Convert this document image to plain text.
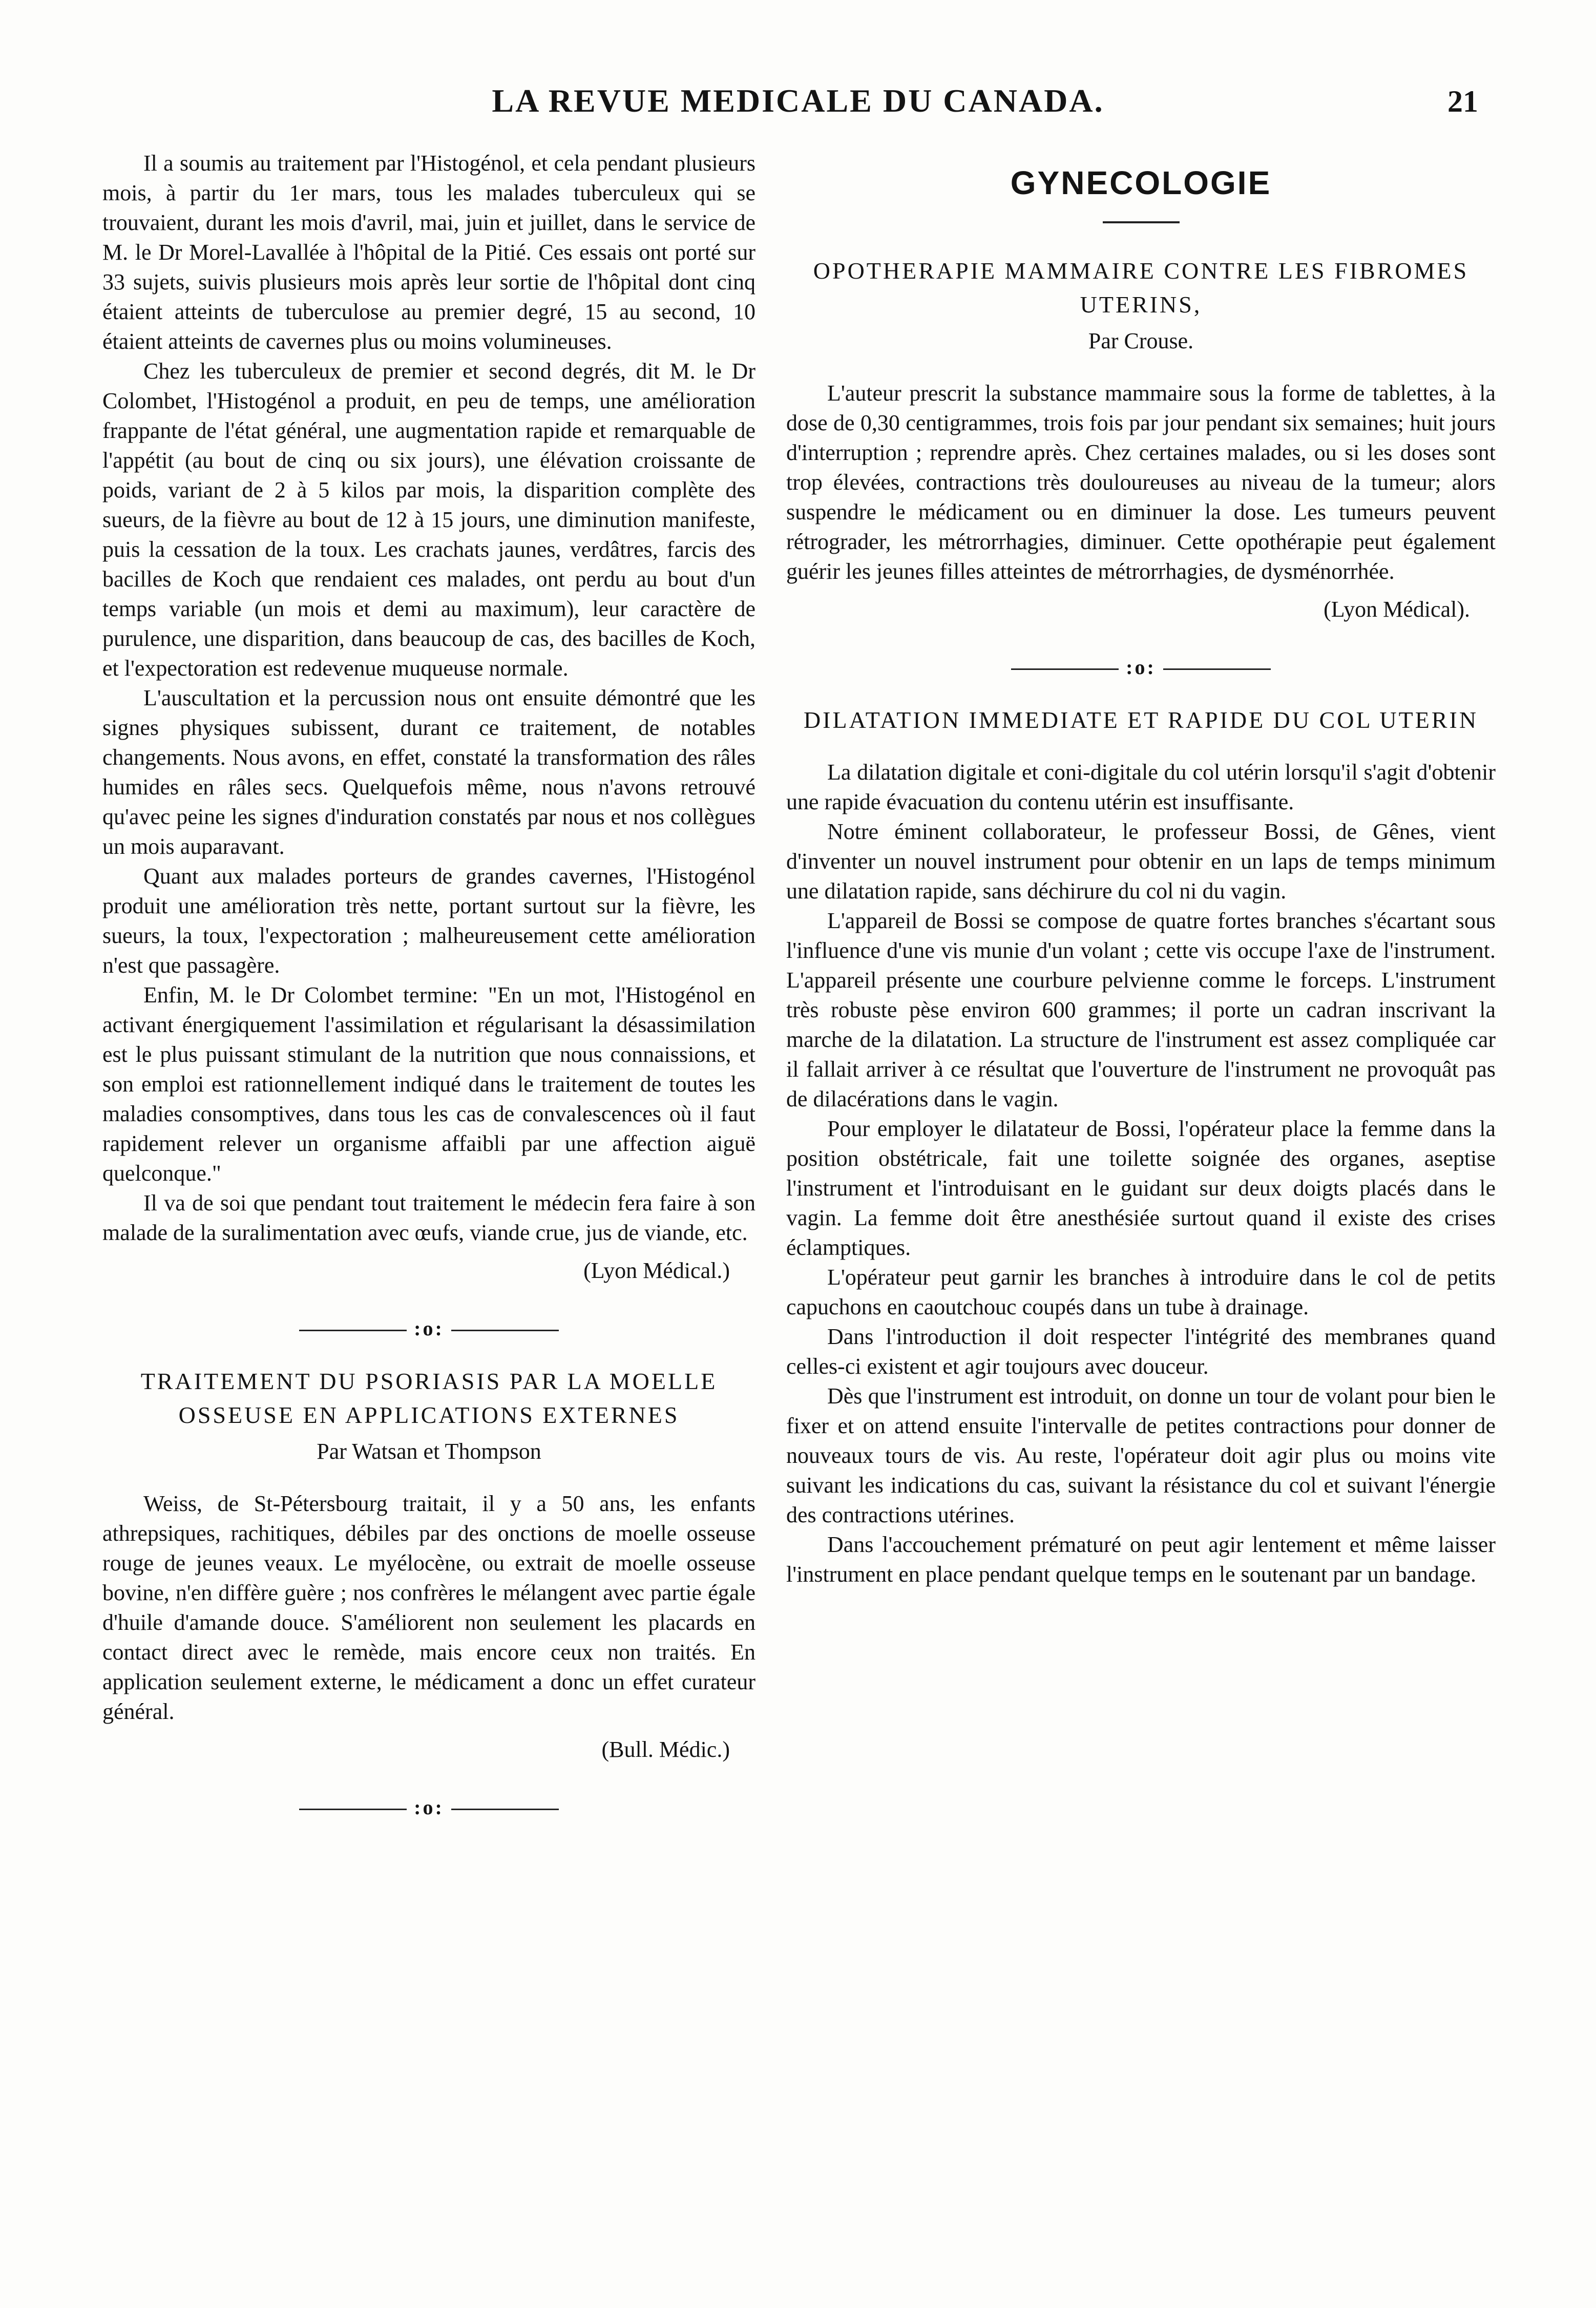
LA REVUE MEDICALE DU CANADA.	21

Il a soumis au traitement par l'Histogénol, et cela pendant plusieurs mois, à partir du 1er mars, tous les malades tuberculeux qui se trouvaient, durant les mois d'avril, mai, juin et juillet, dans le service de M. le Dr Morel-Lavallée à l'hôpital de la Pitié. Ces essais ont porté sur 33 sujets, suivis plusieurs mois après leur sortie de l'hôpital dont cinq étaient atteints de tuberculose au premier degré, 15 au second, 10 étaient atteints de cavernes plus ou moins volumineuses.

Chez les tuberculeux de premier et second degrés, dit M. le Dr Colombet, l'Histogénol a produit, en peu de temps, une amélioration frappante de l'état général, une augmentation rapide et remarquable de l'appétit (au bout de cinq ou six jours), une élévation croissante de poids, variant de 2 à 5 kilos par mois, la disparition complète des sueurs, de la fièvre au bout de 12 à 15 jours, une diminution manifeste, puis la cessation de la toux. Les crachats jaunes, verdâtres, farcis des bacilles de Koch que rendaient ces malades, ont perdu au bout d'un temps variable (un mois et demi au maximum), leur caractère de purulence, une disparition, dans beaucoup de cas, des bacilles de Koch, et l'expectoration est redevenue muqueuse normale.

L'auscultation et la percussion nous ont ensuite démontré que les signes physiques subissent, durant ce traitement, de notables changements. Nous avons, en effet, constaté la transformation des râles humides en râles secs. Quelquefois même, nous n'avons retrouvé qu'avec peine les signes d'induration constatés par nous et nos collègues un mois auparavant.

Quant aux malades porteurs de grandes cavernes, l'Histogénol produit une amélioration très nette, portant surtout sur la fièvre, les sueurs, la toux, l'expectoration ; malheureusement cette amélioration n'est que passagère.

Enfin, M. le Dr Colombet termine: "En un mot, l'Histogénol en activant énergiquement l'assimilation et régularisant la désassimilation est le plus puissant stimulant de la nutrition que nous connaissions, et son emploi est rationnellement indiqué dans le traitement de toutes les maladies consomptives, dans tous les cas de convalescences où il faut rapidement relever un organisme affaibli par une affection aiguë quelconque."

Il va de soi que pendant tout traitement le médecin fera faire à son malade de la suralimentation avec œufs, viande crue, jus de viande, etc.

(Lyon Médical.)

:o:
TRAITEMENT DU PSORIASIS PAR LA MOELLE OSSEUSE EN APPLICATIONS EXTERNES
Par Watsan et Thompson

Weiss, de St-Pétersbourg traitait, il y a 50 ans, les enfants athrepsiques, rachitiques, débiles par des onctions de moelle osseuse rouge de jeunes veaux. Le myélocène, ou extrait de moelle osseuse bovine, n'en diffère guère ; nos confrères le mélangent avec partie égale d'huile d'amande douce. S'améliorent non seulement les placards en contact direct avec le remède, mais encore ceux non traités. En application seulement externe, le médicament a donc un effet curateur général.

(Bull. Médic.)

:o:
GYNECOLOGIE
OPOTHERAPIE MAMMAIRE CONTRE LES FIBROMES UTERINS,
Par Crouse.

L'auteur prescrit la substance mammaire sous la forme de tablettes, à la dose de 0,30 centigrammes, trois fois par jour pendant six semaines; huit jours d'interruption ; reprendre après. Chez certaines malades, ou si les doses sont trop élevées, contractions très douloureuses au niveau de la tumeur; alors suspendre le médicament ou en diminuer la dose. Les tumeurs peuvent rétrograder, les métrorrhagies, diminuer. Cette opothérapie peut également guérir les jeunes filles atteintes de métrorrhagies, de dysménorrhée.

(Lyon Médical).

:o:
DILATATION IMMEDIATE ET RAPIDE DU COL UTERIN

La dilatation digitale et coni-digitale du col utérin lorsqu'il s'agit d'obtenir une rapide évacuation du contenu utérin est insuffisante.

Notre éminent collaborateur, le professeur Bossi, de Gênes, vient d'inventer un nouvel instrument pour obtenir en un laps de temps minimum une dilatation rapide, sans déchirure du col ni du vagin.

L'appareil de Bossi se compose de quatre fortes branches s'écartant sous l'influence d'une vis munie d'un volant ; cette vis occupe l'axe de l'instrument. L'appareil présente une courbure pelvienne comme le forceps. L'instrument très robuste pèse environ 600 grammes; il porte un cadran inscrivant la marche de la dilatation. La structure de l'instrument est assez compliquée car il fallait arriver à ce résultat que l'ouverture de l'instrument ne provoquât pas de dilacérations dans le vagin.

Pour employer le dilatateur de Bossi, l'opérateur place la femme dans la position obstétricale, fait une toilette soignée des organes, aseptise l'instrument et l'introduisant en le guidant sur deux doigts placés dans le vagin. La femme doit être anesthésiée surtout quand il existe des crises éclamptiques.

L'opérateur peut garnir les branches à introduire dans le col de petits capuchons en caoutchouc coupés dans un tube à drainage.

Dans l'introduction il doit respecter l'intégrité des membranes quand celles-ci existent et agir toujours avec douceur.

Dès que l'instrument est introduit, on donne un tour de volant pour bien le fixer et on attend ensuite l'intervalle de petites contractions pour donner de nouveaux tours de vis. Au reste, l'opérateur doit agir plus ou moins vite suivant les indications du cas, suivant la résistance du col et suivant l'énergie des contractions utérines.

Dans l'accouchement prématuré on peut agir lentement et même laisser l'instrument en place pendant quelque temps en le soutenant par un bandage.
